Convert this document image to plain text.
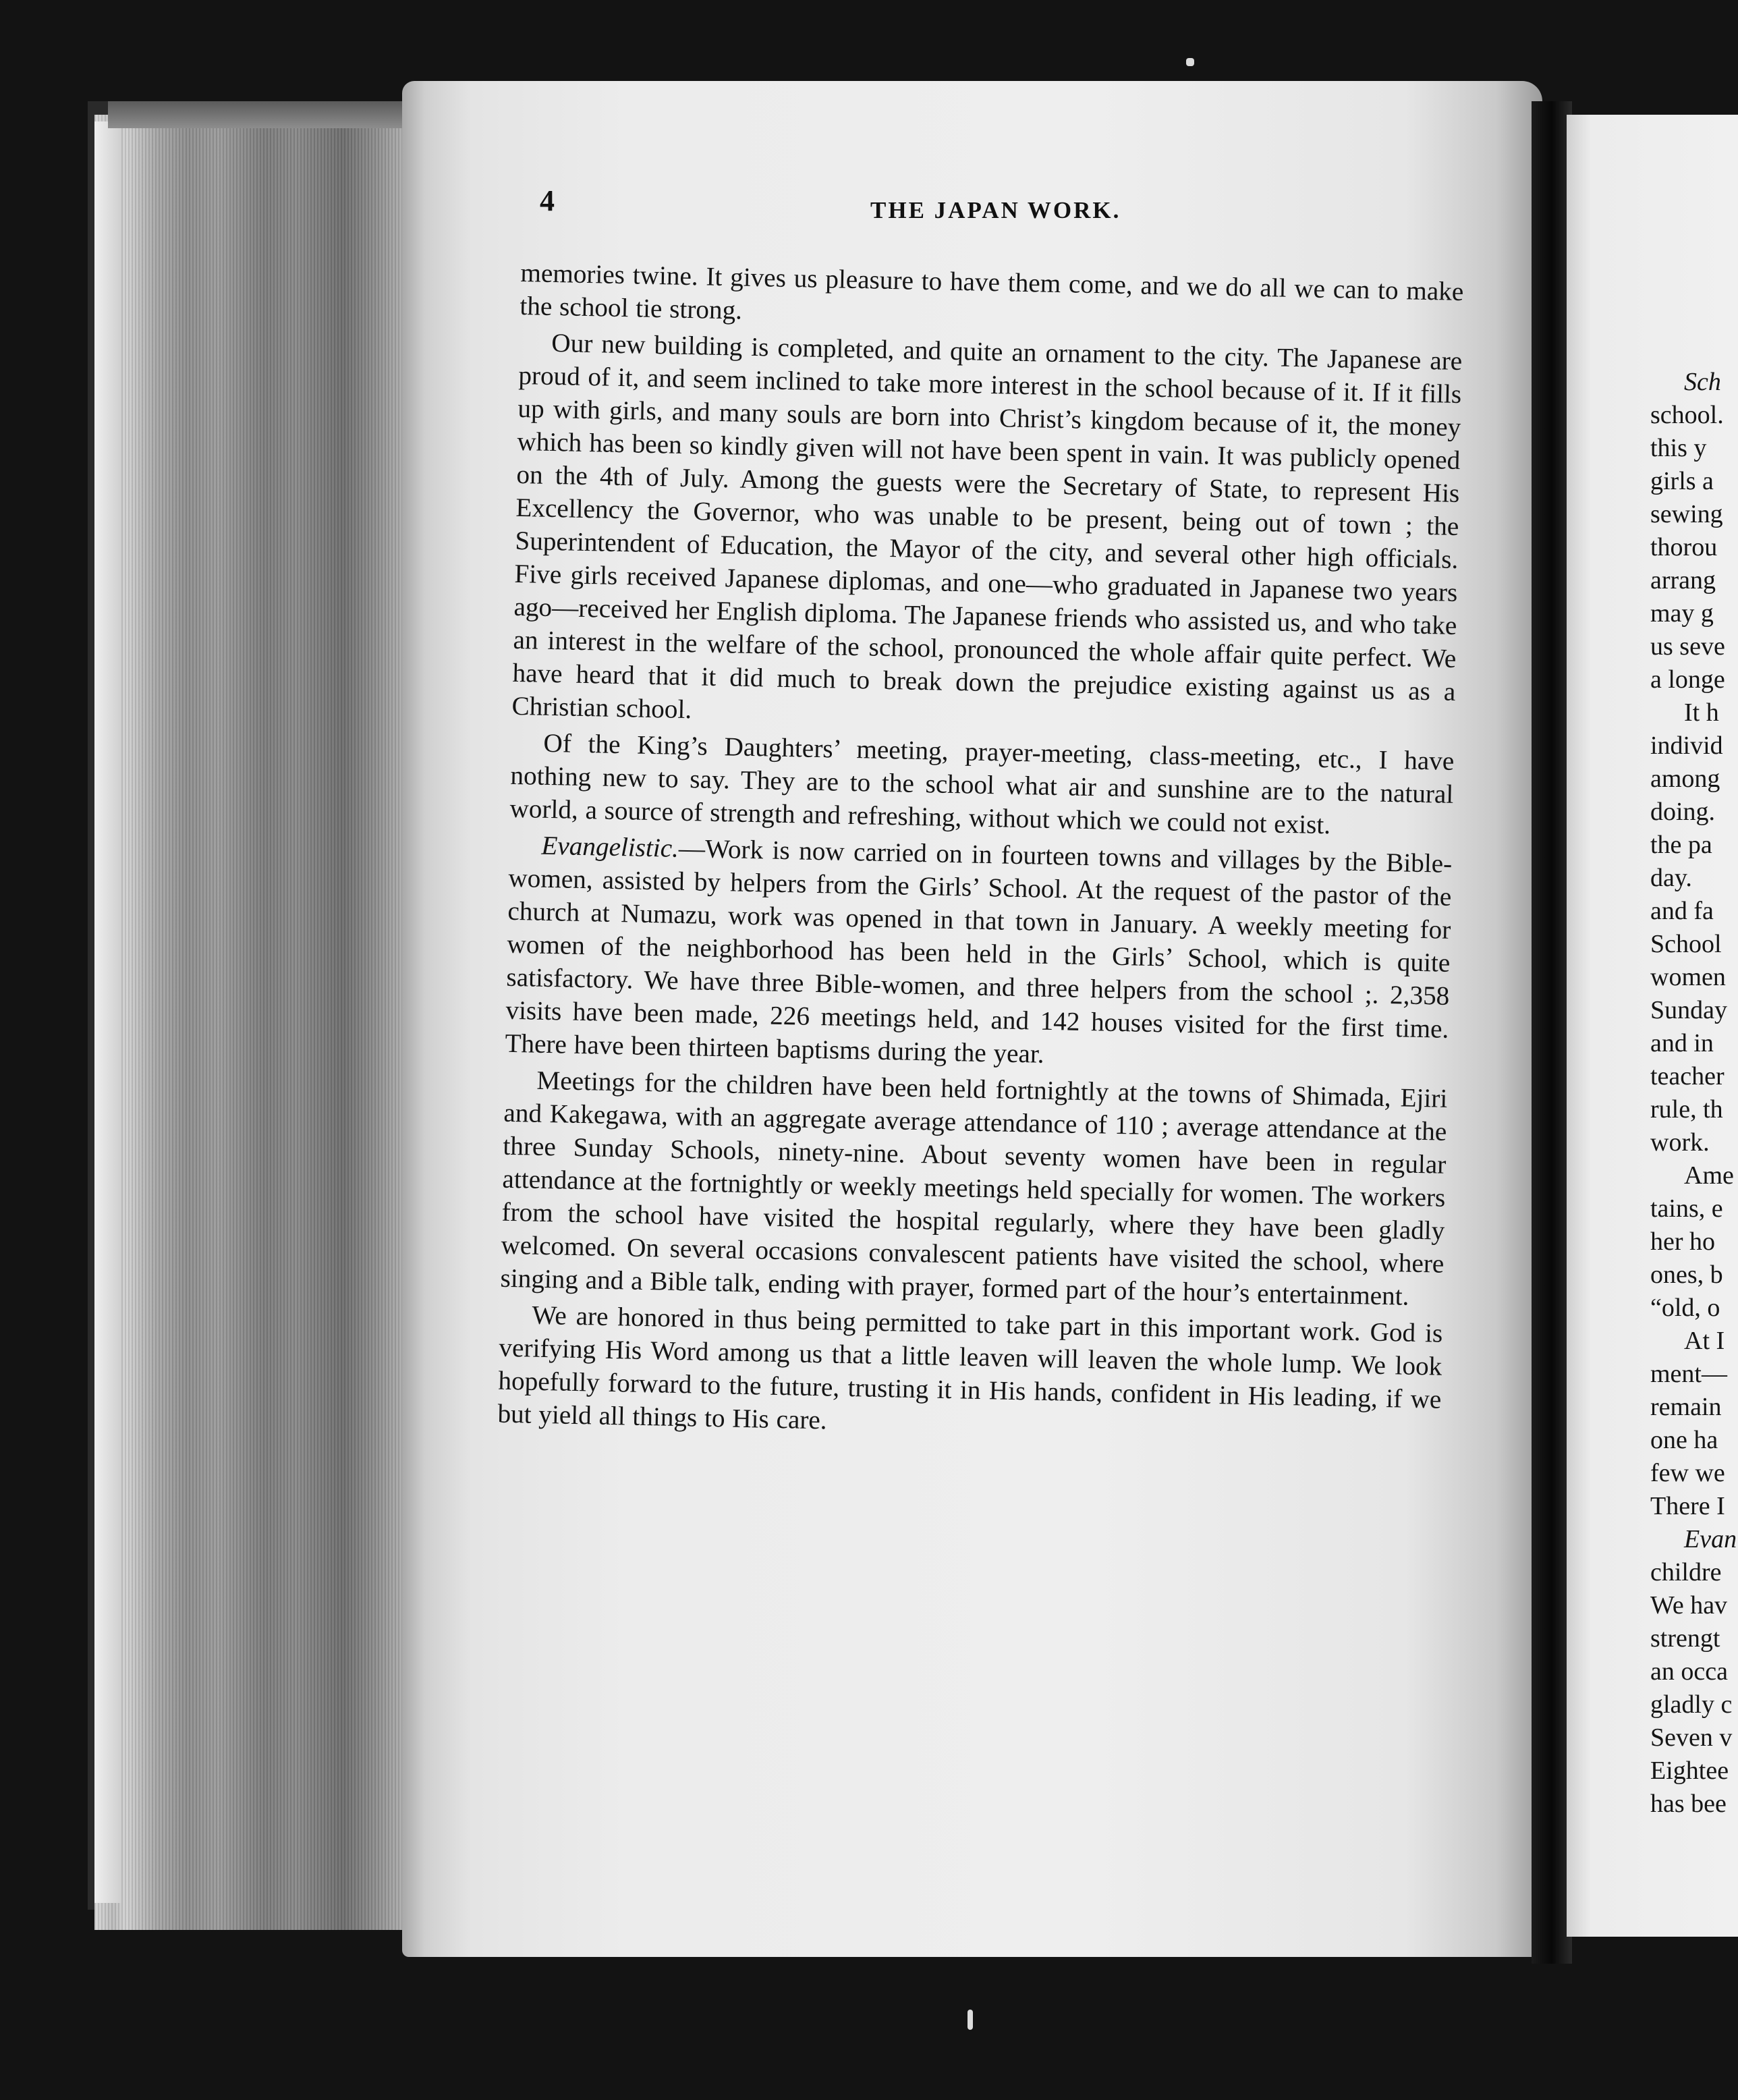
4	THE JAPAN WORK.

memories twine. It gives us pleasure to have them come, and we do all we can to make the school tie strong.

Our new building is completed, and quite an ornament to the city. The Japanese are proud of it, and seem inclined to take more interest in the school because of it. If it fills up with girls, and many souls are born into Christ’s kingdom because of it, the money which has been so kindly given will not have been spent in vain. It was publicly opened on the 4th of July. Among the guests were the Secretary of State, to represent His Excellency the Governor, who was unable to be present, being out of town ; the Superintendent of Education, the Mayor of the city, and several other high officials. Five girls received Japanese diplomas, and one—who graduated in Japanese two years ago—received her English diploma. The Japanese friends who assisted us, and who take an interest in the welfare of the school, pronounced the whole affair quite perfect. We have heard that it did much to break down the prejudice existing against us as a Christian school.

Of the King’s Daughters’ meeting, prayer-meeting, class-meeting, etc., I have nothing new to say. They are to the school what air and sunshine are to the natural world, a source of strength and refreshing, without which we could not exist.

Evangelistic.—Work is now carried on in fourteen towns and villages by the Bible-women, assisted by helpers from the Girls’ School. At the request of the pastor of the church at Numazu, work was opened in that town in January. A weekly meeting for women of the neighborhood has been held in the Girls’ School, which is quite satisfactory. We have three Bible-women, and three helpers from the school ;. 2,358 visits have been made, 226 meetings held, and 142 houses visited for the first time. There have been thirteen baptisms during the year.

Meetings for the children have been held fortnightly at the towns of Shimada, Ejiri and Kakegawa, with an aggregate average attendance of 110 ; average attendance at the three Sunday Schools, ninety-nine. About seventy women have been in regular attendance at the fortnightly or weekly meetings held specially for women. The workers from the school have visited the hospital regularly, where they have been gladly welcomed. On several occasions convalescent patients have visited the school, where singing and a Bible talk, ending with prayer, formed part of the hour’s entertainment.

We are honored in thus being permitted to take part in this important work. God is verifying His Word among us that a little leaven will leaven the whole lump. We look hopefully forward to the future, trusting it in His hands, confident in His leading, if we but yield all things to His care.

Sch
school.
this y
girls a
sewing
thorou
arrang
may g
us seve
a longe
It h
individ
among
doing.
the pa
day.
and fa
School
women
Sunday
and in
teacher
rule, th
work.
Ame
tains, e
her ho
ones, b
“old, o
At I
ment—
remain
one ha
few we
There I
Evan
childre
We hav
strengt
an occa
gladly c
Seven v
Eightee
has bee
